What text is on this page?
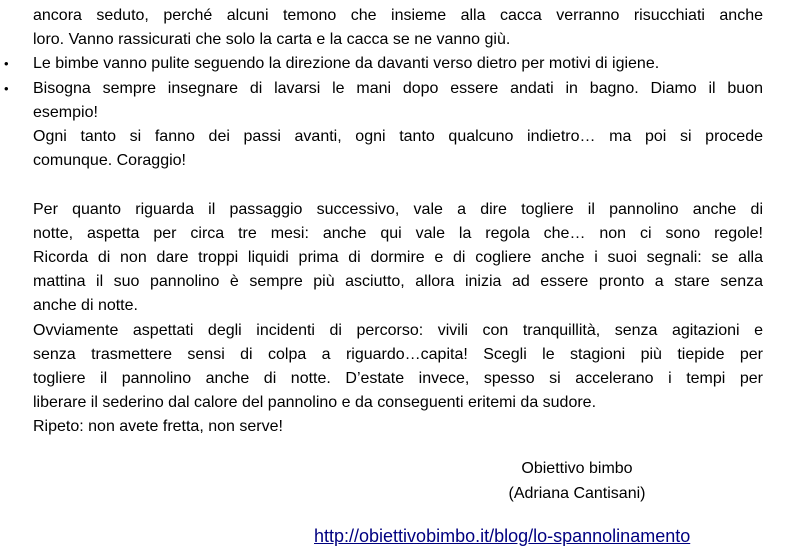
ancora seduto, perché alcuni temono che insieme alla cacca verranno risucchiati anche
loro. Vanno rassicurati che solo la carta e la cacca se ne vanno giù.
• Le bimbe vanno pulite seguendo la direzione da davanti verso dietro per motivi di igiene.
• Bisogna sempre insegnare di lavarsi le mani dopo essere andati in bagno. Diamo il buon
esempio!
Ogni tanto si fanno dei passi avanti, ogni tanto qualcuno indietro… ma poi si procede
comunque. Coraggio!
Per quanto riguarda il passaggio successivo, vale a dire togliere il pannolino anche di
notte, aspetta per circa tre mesi: anche qui vale la regola che… non ci sono regole!
Ricorda di non dare troppi liquidi prima di dormire e di cogliere anche i suoi segnali: se alla
mattina il suo pannolino è sempre più asciutto, allora inizia ad essere pronto a stare senza
anche di notte.
Ovviamente aspettati degli incidenti di percorso: vivili con tranquillità, senza agitazioni e
senza trasmettere sensi di colpa a riguardo…capita! Scegli le stagioni più tiepide per
togliere il pannolino anche di notte. D’estate invece, spesso si accelerano i tempi per
liberare il sederino dal calore del pannolino e da conseguenti eritemi da sudore.
Ripeto: non avete fretta, non serve!
Obiettivo bimbo
(Adriana Cantisani)
http://obiettivobimbo.it/blog/lo-spannolinamento
